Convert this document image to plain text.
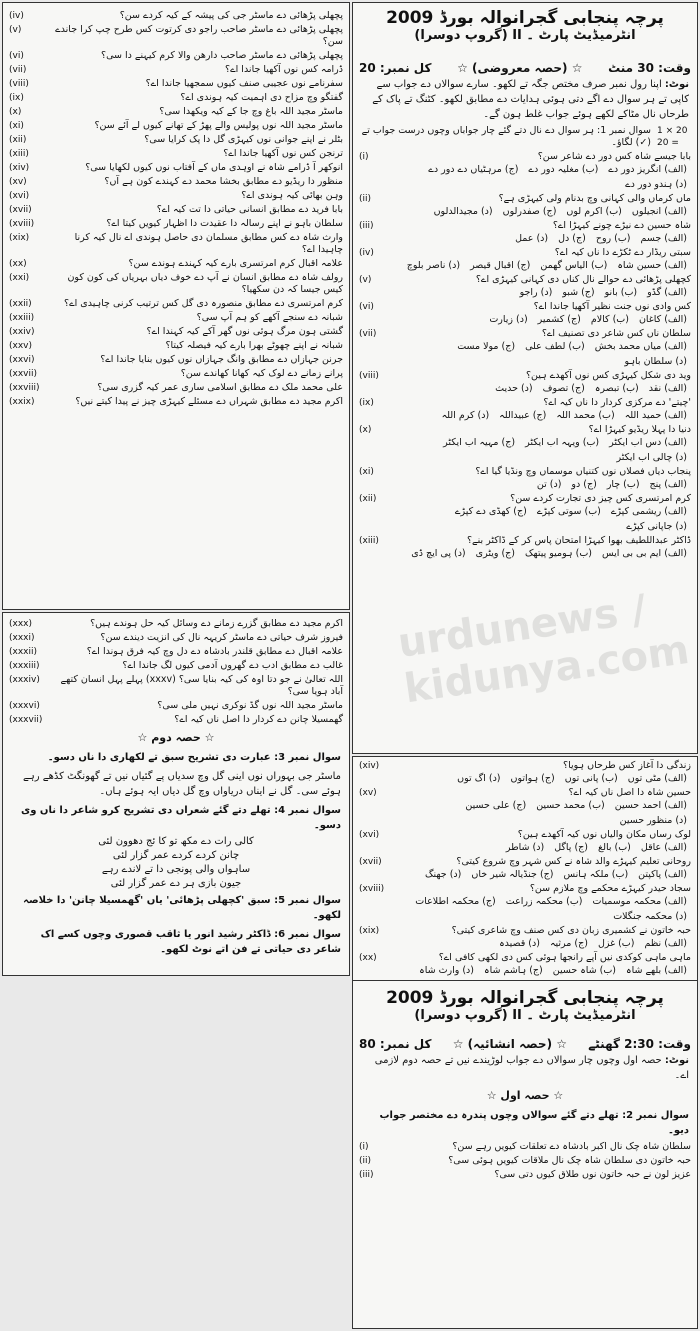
پرچہ پنجابی گجرانوالہ بورڈ 2009
انٹرمیڈیٹ پارٹ ۔ II (گروپ دوسرا)
وقت: 30 منٹ
☆ (حصہ معروضی) ☆
کل نمبر: 20
نوٹ: اپنا رول نمبر صرف مختص جگہ تے لکھو۔ سارے سوالاں دے جواب سے کاپی تے ہر سوال دے اگے دتی ہوئی ہدایات دے مطابق لکھو۔ کٹنگ تے پاک کے طرحاں نال مٹاکے لکھے ہوئے جواب غلط ہون گے۔
20 × 1 = 20
سوال نمبر 1: ہر سوال دے نال دتے گئے چار جواباں وچوں درست جواب تے (✓) لگاؤ۔
بابا جیسے شاہ کس دور دے شاعر سن؟
(i)
(الف) انگریز دور دے
(ب) مغلیہ دور دے
(ج) مرہٹیاں دے دور دے
(د) ہندو دور دے
ماں کرماں والی کہانی وچ بدنام ولی کیہڑی ہے؟
(ii)
(الف) انجیلوں
(ب) اکرم لوں
(ج) صفدرلوں
(د) مجیدالدلوں
شاہ حسین دے نیڑے چونے کیہڑا اے؟
(iii)
(الف) جسم
(ب) روح
(ج) دل
(د) عمل
سبتی ریڈار دے ٹکڑے دا ناں کیہ اے؟
(iv)
(الف) حسین شاہ
(ب) الیاس گھمن
(ج) اقبال قیصر
(د) ناصر بلوچ
کچھلی پڑھائی دے حوالے نال کناں دی کہانی کیہڑی اے؟
(v)
(الف) گڈو
(ب) بانو
(ج) شبو
(د) راجو
کس وادی نوں جنت نظیر آکھیا جاندا اے؟
(vi)
(الف) کاغان
(ب) کالام
(ج) کشمیر
(د) زیارت
سلطان ناں کس شاعر دی تصنیف اے؟
(vii)
(الف) میاں محمد بخش
(ب) لطف علی
(ج) مولا مست
(د) سلطان باہو
وید دی شکل کیہڑی کس نوں آکھدے ہین؟
(viii)
(الف) نقد
(ب) تبصرہ
(ج) تصوف
(د) حدیث
'چیتے' دے مرکزی کردار دا ناں کیہ اے؟
(ix)
(الف) حمید اللہ
(ب) محمد اللہ
(ج) عبیداللہ
(د) کرم اللہ
دنیا دا پہلا ریڈیو کیہڑا اے؟
(x)
(الف) دس اب ایکٹر
(ب) ویہہ اب ایکٹر
(ج) مہیہ اب ایکٹر
(د) چالی اب ایکٹر
پنجاب دیاں فصلاں نوں کتنیاں موسماں وچ ونڈیا گیا اے؟
(xi)
(الف) پنج
(ب) چار
(ج) دو
(د) تن
کرم امرتسری کس چیز دی تجارت کردے سن؟
(xii)
(الف) ریشمی کپڑے
(ب) سوتی کپڑے
(ج) کھڈی دے کپڑے
(د) جاپانی کپڑے
ڈاکٹر عبداللطیف بھوا کیہڑا امتحان پاس کر کے ڈاکٹر بنے؟
(xiii)
(الف) ایم بی بی ایس
(ب) ہومیو پیتھک
(ج) ویٹری
(د) پی ایچ ڈی
پچھلی پڑھائی دے ماسٹر جی کی پیشہ کے کیہ کردے سن؟
(iv)
پچھلی پڑھائی دے ماسٹر صاحب راجو دی کرتوت کس طرح چپ کرا جاندے سن؟
(v)
پچھلی پڑھائی دے ماسٹر صاحب دارھن والا کرم کیہنے دا سی؟
(vi)
ڈرامہ کس نوں آکھیا جاندا اے؟
(vii)
سفرنامے نوں عجیبی صنف کیوں سمجھیا جاندا اے؟
(viii)
گفتگو وچ مزاح دی اہمیت کیہ ہوندی اے؟
(ix)
ماسٹر مجید اللہ باغ وچ جا کے کیہ ویکھدا سی؟
(x)
ماسٹر مجید اللہ نوں پولیس والے پھڑ کے تھانے کیوں لے آئے سن؟
(xi)
بٹلر نے اپنے جوانی نوں کیہڑی گل دا پک کرایا سی؟
(xii)
ترنجن کس نوں آکھیا جاندا اے؟
(xiii)
انوکھر آ ڈرامے شاہ نے اوہدی ماں کے آفتاب نوں کیوں لکھایا سی؟
(xiv)
منظور دا ریڈیو دے مطابق بخشا محمد دے کہندے کون ہے آں؟
(xv)
وہن بھائی کیہ ہوندی اے؟
(xvi)
بابا فرید دے مطابق انسانی حیاتی دا تت کیہ اے؟
(xvii)
سلطان باہو نے اپنے رسالہ دا عقیدت دا اظہار کیویں کیتا اے؟
(xviii)
وارث شاہ دے کس مطابق مسلمان دی حاصل ہوندی اے نال کیہ کرنا چاہیدا اے؟
(xix)
علامہ اقبال کرم امرتسری بارے کیہ کہندے ہوندے سن؟
(xx)
رولف شاہ دے مطابق انسان نے آپ دے خوف دیاں بہریاں کی کون کون کیس جیسا کہ دن سکھیا؟
(xxi)
کرم امرتسری دے مطابق منصورہ دی گل کس ترتیب کرنی چاہیدی اے؟
(xxii)
شبانہ دے سنجے آکھے کو ہم آپ سی؟
(xxiii)
گشتی ہون مرگ ہوئی نوں گھر آکے کیہ کہندا اے؟
(xxiv)
شبانہ نے اپنے چھوٹے بھرا بارے کیہ فیصلہ کیتا؟
(xxv)
جرنن جہازاں دے مطابق وانگ جہازاں نوں کیوں بنایا جاندا اے؟
(xxvi)
پرانے زمانے دے لوک کیہ کھانا کھاندے سن؟
(xxvii)
علی محمد ملک دے مطابق اسلامی ساری عمر کیہ گزری سی؟
(xxviii)
اکرم مجید دے مطابق شہراں دے مسئلے کیہڑی چیز نے پیدا کیتے نیں؟
(xxix)
اکرم مجید دے مطابق گزرے زمانے دے وسائل کیہ حل ہوندے ہیں؟
(xxx)
فیروز شرف حیاتی دے ماسٹر کریہہ نال کی انزیت دیندے سن؟
(xxxi)
علامہ اقبال دے مطابق قلندر بادشاہ دے دل وچ کیہ فرق ہوندا اے؟
(xxxii)
غالب دے مطابق ادب دے گھروں آدمی کیوں لگ جاندا اے؟
(xxxiii)
اللہ تعالیٰ نے جو دتا اوہ کی کیہ بنایا سی؟ (xxxv) پہلے پہل انسان کتھے آباد ہویا سی؟
(xxxiv)
ماسٹر مجید اللہ نوں گڈ نوکری نہیں ملی سی؟
(xxxvi)
گھمسیلا چانن دے کردار دا اصل ناں کیہ اے؟
(xxxvii)
☆ حصہ دوم ☆
سوال نمبر 3: عبارت دی تشریح سبق تے لکھاری دا ناں دسو۔
ماسٹر جی بہوراں نوں اینی گل وچ سدیاں پے گئیاں نیں تے گھونگٹ کڈھے رہے ہوئے سی۔ گل نے ایناں دریاواں وچ گل دیاں ایہ ہوئے ہاں۔
سوال نمبر 4: تھلے دتے گئے شعراں دی تشریح کرو شاعر دا ناں وی دسو۔
کالی رات دے مکھ تو کا ئج دھوون لئی
چانن کردے کردے عمر گزار لئی
ساہواں والی پونجی دا تے لاندے رہے
جیون بازی ہر دے عمر گزار لئی
سوال نمبر 5: سبق 'کچھلی پڑھائی' یاں 'گھمسیلا چانن' دا خلاصہ لکھو۔
سوال نمبر 6: ڈاکٹر رشید انور یا ثاقب قصوری وچوں کسے اک شاعر دی حیاتی تے فن اتے نوٹ لکھو۔
زندگی دا آغاز کس طرحاں ہویا؟
(xiv)
(الف) مٹی توں
(ب) پانی توں
(ج) ہواتوں
(د) اگ توں
حسین شاہ دا اصل ناں کیہ اے؟
(xv)
(الف) احمد حسین
(ب) محمد حسین
(ج) علی حسین
(د) منظور حسین
لوک رساں مکان والیاں نوں کیہ آکھدے ہین؟
(xvi)
(الف) عاقل
(ب) بالغ
(ج) پاگل
(د) شاطر
روحانی تعلیم کیہڑے والد شاہ نے کس شہر وچ شروع کیتی؟
(xvii)
(الف) پاکپتن
(ب) ملکہ ہانس
(ج) جنڈیالہ شیر خاں
(د) جھنگ
سجاد حیدر کیہڑے محکمے وچ ملازم سن؟
(xviii)
(الف) محکمہ موسمیات
(ب) محکمہ زراعت
(ج) محکمہ اطلاعات
(د) محکمہ جنگلات
حبہ خاتون نے کشمیری زبان دی کس صنف وچ شاعری کیتی؟
(xix)
(الف) نظم
(ب) غزل
(ج) مرثیہ
(د) قصیدہ
ماہی ماہی کوکدی نیں آپے رانجھا ہوئی کس دی لکھی کافی اے؟
(xx)
(الف) بلھے شاہ
(ب) شاہ حسین
(ج) ہاشم شاہ
(د) وارث شاہ
پرچہ پنجابی گجرانوالہ بورڈ 2009
انٹرمیڈیٹ پارٹ ۔ II (گروپ دوسرا)
وقت: 2:30 گھنٹے
☆ (حصہ انشائیہ) ☆
کل نمبر: 80
نوٹ: حصہ اول وچوں چار سوالاں دے جواب لوڑیندے نیں تے حصہ دوم لازمی اے۔
☆ حصہ اول ☆
سوال نمبر 2: تھلے دتے گئے سوالاں وچوں پندرہ دے مختصر جواب دیو۔
سلطان شاہ چک نال اکبر بادشاہ دے تعلقات کیویں رہے سن؟
(i)
حبہ خاتون دی سلطان شاہ چک نال ملاقات کیویں ہوئی سی؟
(ii)
عزیز لون نے حبہ خاتون نوں طلاق کیوں دتی سی؟
(iii)
